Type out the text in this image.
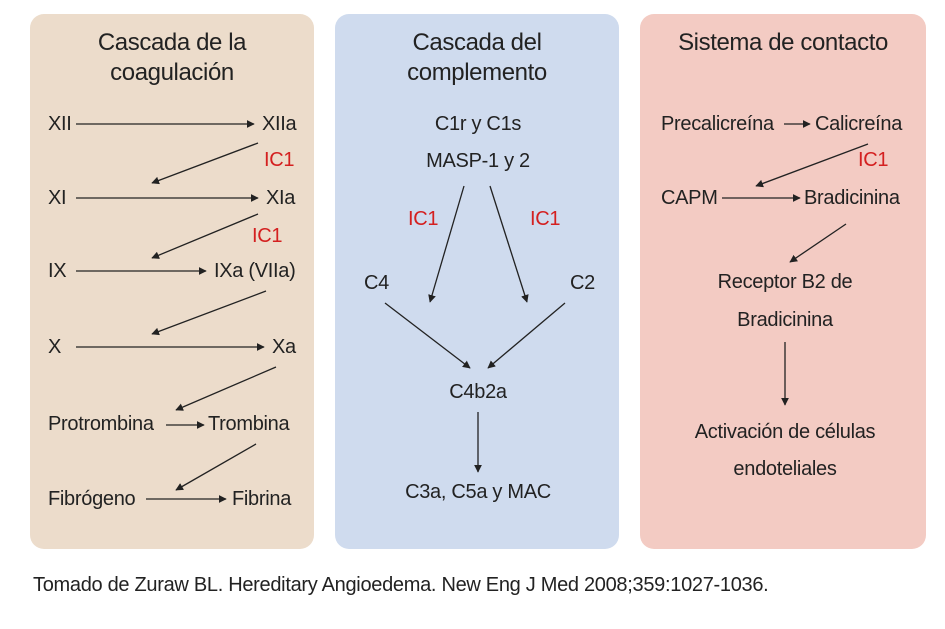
Cascada de la
coagulación
XII	XIIa
IC1
XI	XIa
IC1
IX	IXa (VIIa)
X	Xa
Protrombina	Trombina
Fibrógeno	Fibrina
Cascada del
complemento
C1r y C1s
MASP-1 y 2
IC1	IC1
C4	C2
C4b2a
C3a, C5a y MAC
Sistema de contacto
Precalicreína Calicreína
IC1
CAPM	Bradicinina
Receptor B2 de
Bradicinina
Activación de células
endoteliales
Tomado de Zuraw BL. Hereditary Angioedema. New Eng J Med 2008;359:1027-1036.
